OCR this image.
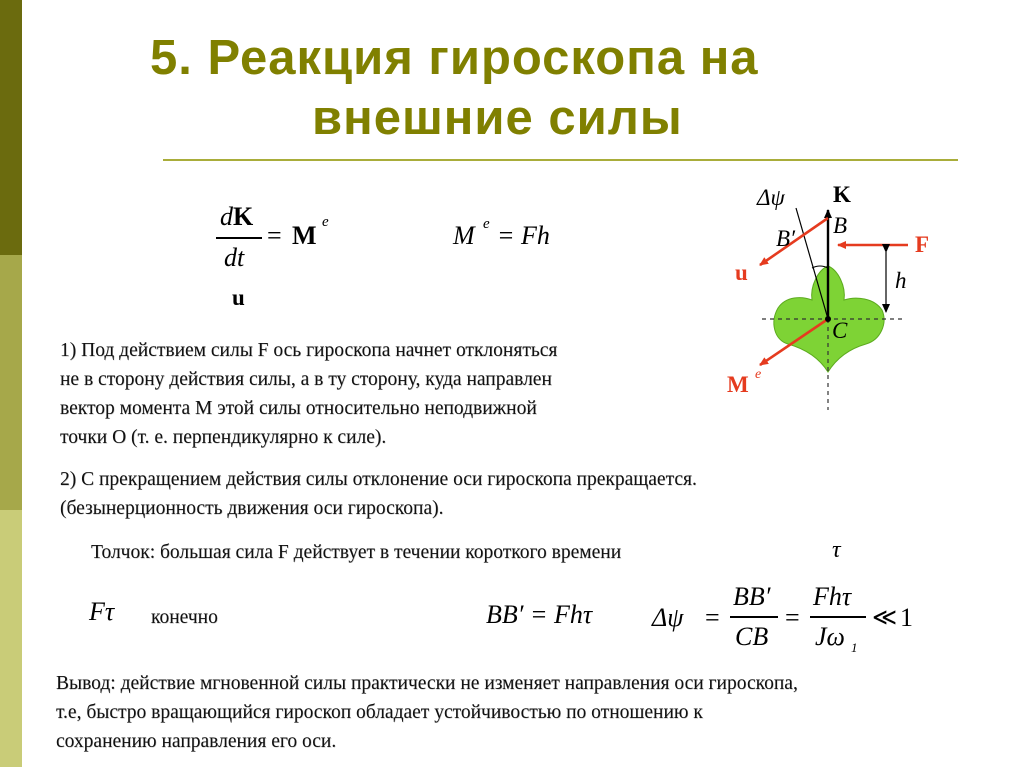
5. Реакция гироскопа на
внешние силы
dK
dt
= M e
u
M e = Fh
Δψ K
B
B′	F
u	h
C
M e
1) Под действием силы F ось гироскопа начнет отклоняться
не в сторону действия силы, а в ту сторону, куда направлен
вектор момента M этой силы относительно неподвижной
точки O (т. е. перпендикулярно к силе).
2) С прекращением действия силы отклонение оси гироскопа прекращается.
(безынерционность движения оси гироскопа).
Толчок: большая сила F действует в течении короткого времени	τ
Fτ конечно	BB′ = Fhτ Δψ =
BB′
CB
=
Fhτ
Jω 1
≪ 1
Вывод: действие мгновенной силы практически не изменяет направления оси гироскопа,
т.е, быстро вращающийся гироскоп обладает устойчивостью по отношению к
сохранению направления его оси.
